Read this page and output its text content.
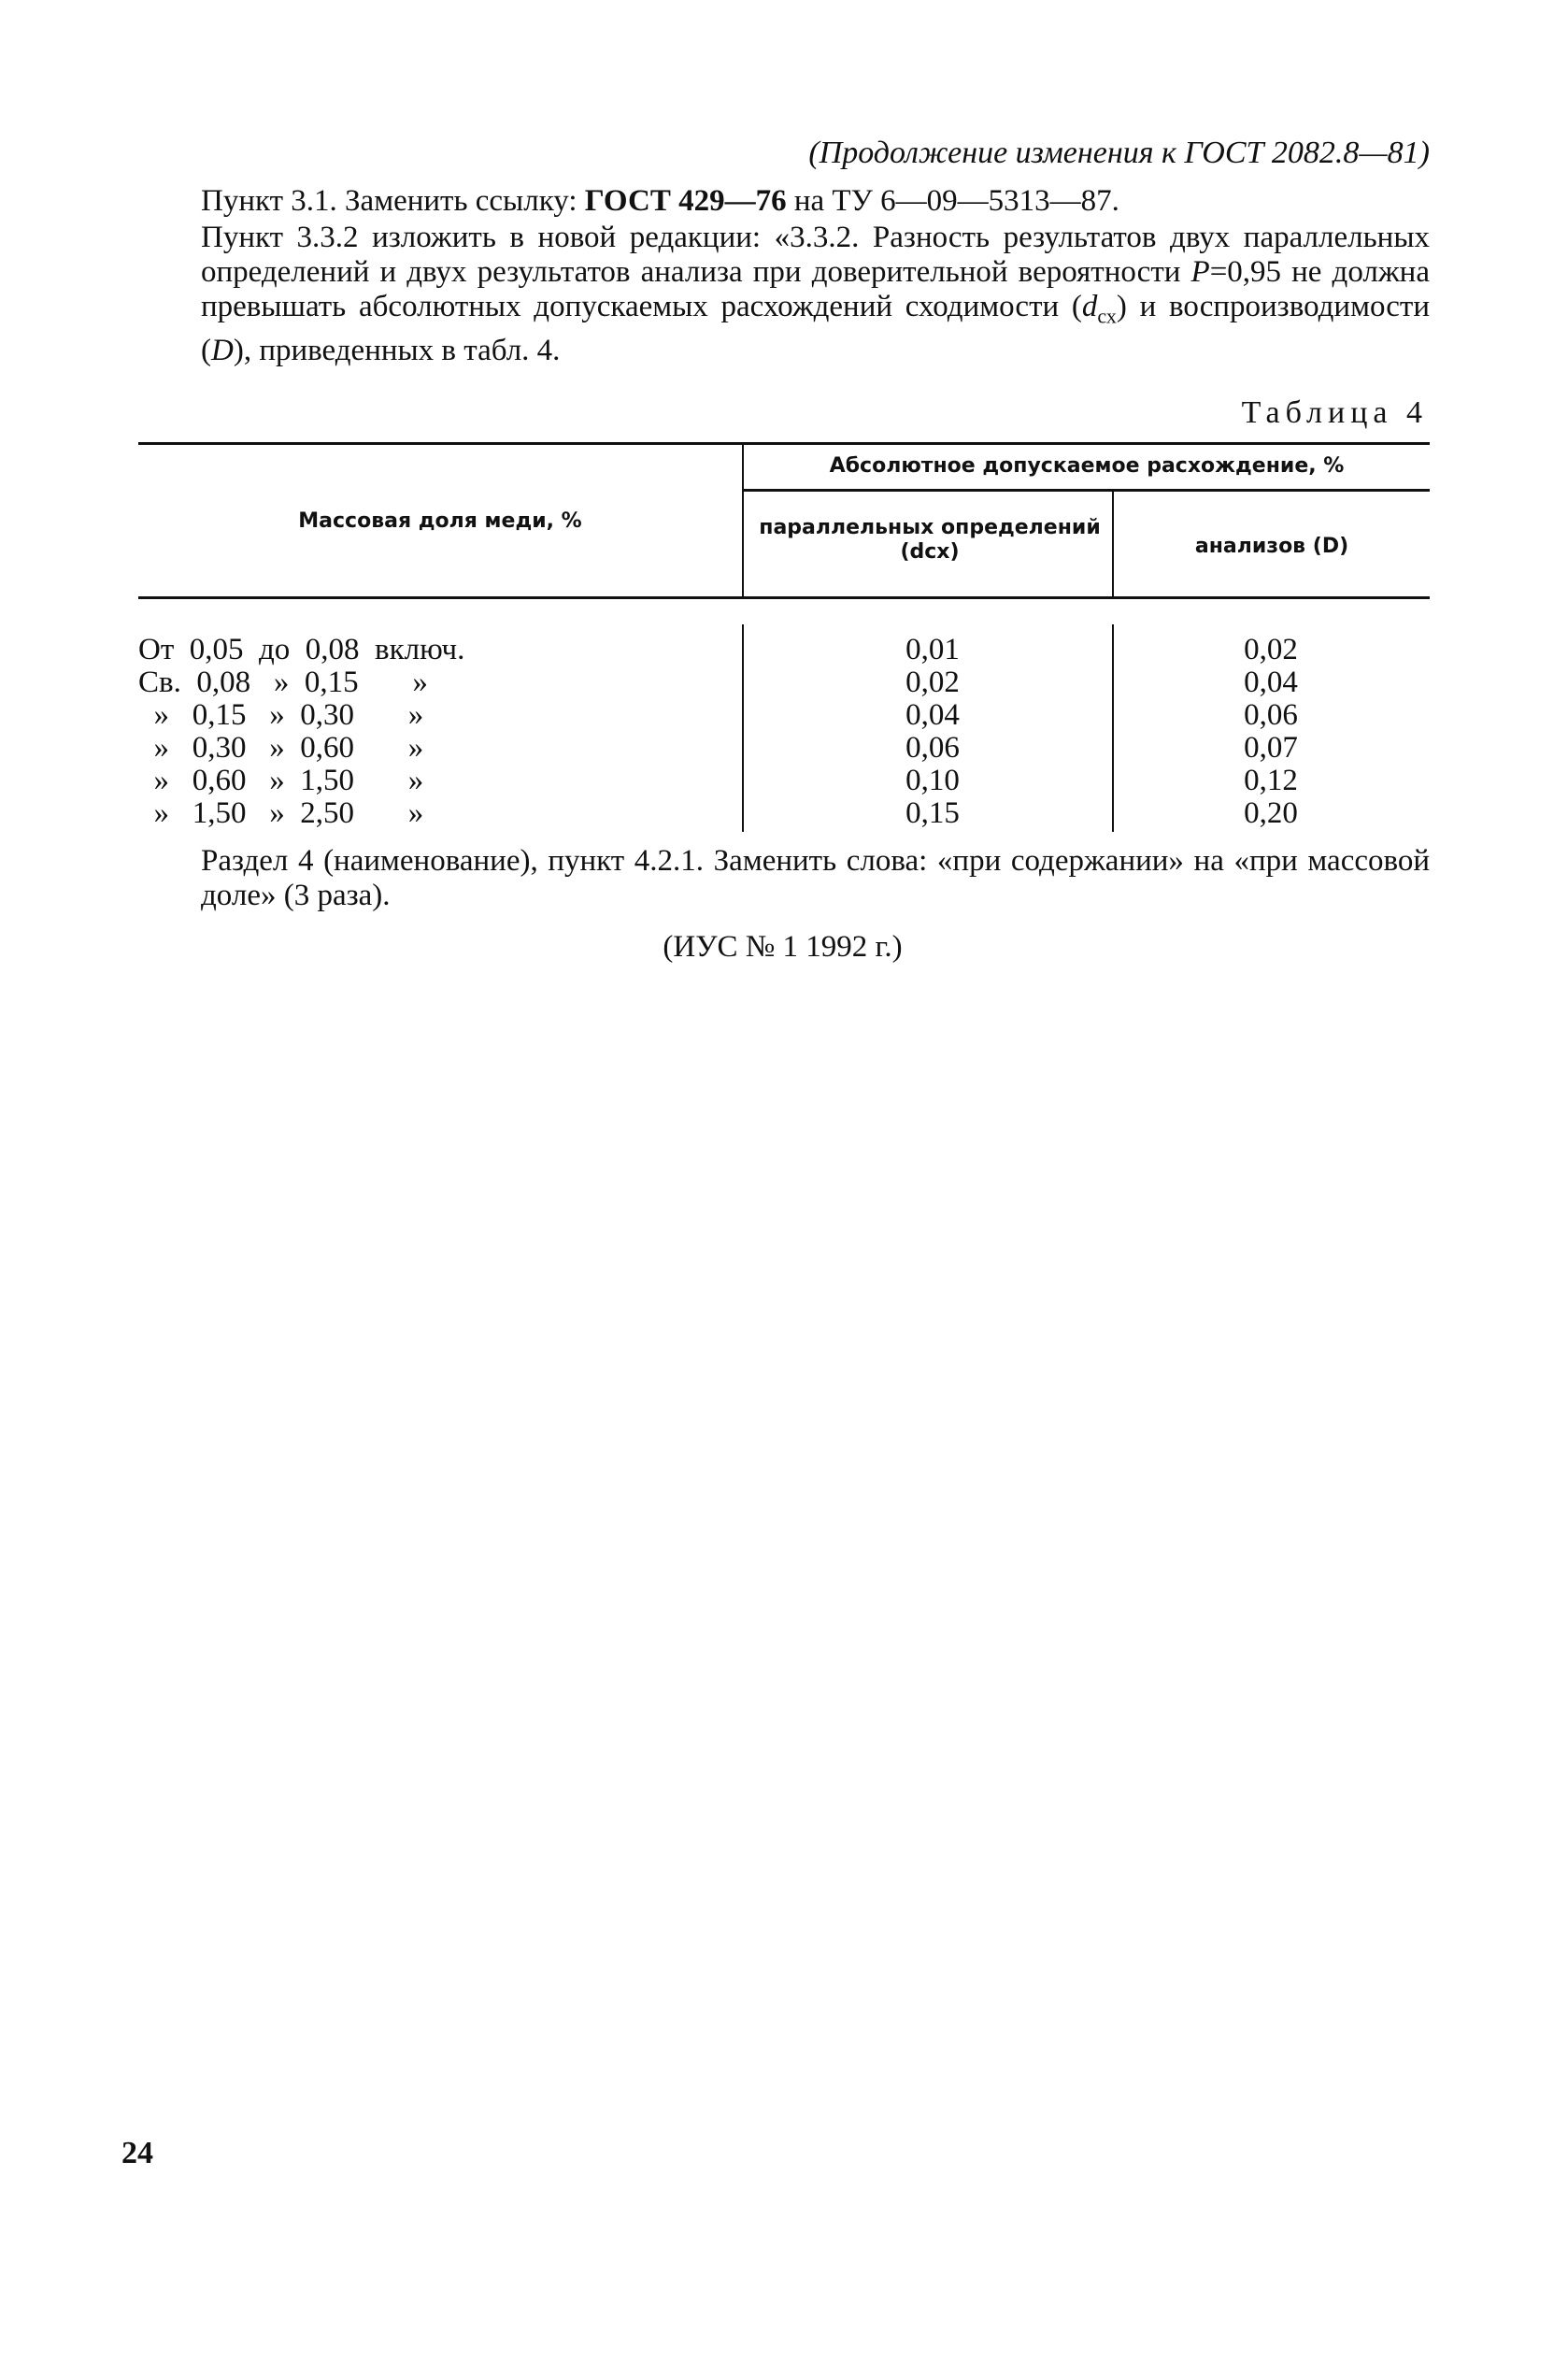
(Продолжение изменения к ГОСТ 2082.8—81)
Пункт 3.1. Заменить ссылку: ГОСТ 429—76 на ТУ 6—09—5313—87.
Пункт 3.3.2 изложить в новой редакции: «3.3.2. Разность результатов двух параллельных определений и двух результатов анализа при доверительной вероятности P=0,95 не должна превышать абсолютных допускаемых расхождений сходимости $(d_{сх})$ и воспроизводимости (D), приведенных в табл. 4.
Таблица 4
Массовая доля меди, %
Абсолютное допускаемое расхождение, %
параллельных определений (dсх)	анализов (D)
От  0,05  до  0,08  включ.	0,01	0,02
Св.  0,08   »  0,15       »	0,02	0,04
»   0,15   »  0,30       »	0,04	0,06
»   0,30   »  0,60       »	0,06	0,07
»   0,60   »  1,50       »	0,10	0,12
»   1,50   »  2,50       »	0,15	0,20
Раздел 4 (наименование), пункт 4.2.1. Заменить слова: «при содержании» на «при массовой доле» (3 раза).
(ИУС № 1 1992 г.)
24
